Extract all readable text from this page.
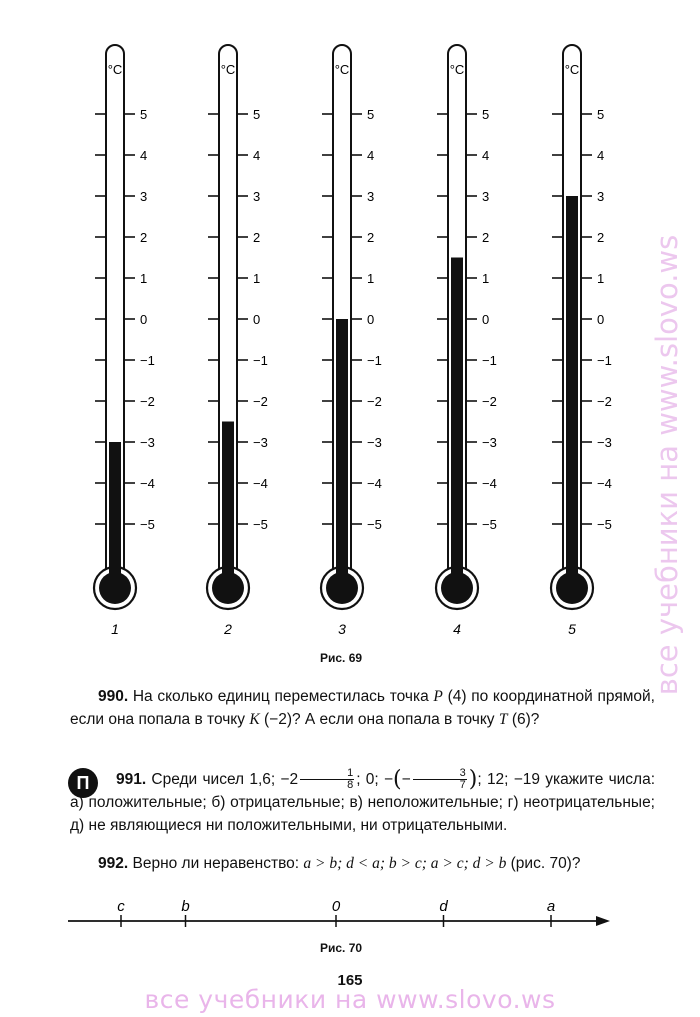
°C
5
4
3
2
1
0
−1
−2
−3
−4
−5
1
°C
5
4
3
2
1
0
−1
−2
−3
−4
−5
2
°C
5
4
3
2
1
0
−1
−2
−3
−4
−5
3
°C
5
4
3
2
1
0
−1
−2
−3
−4
−5
4
°C
5
4
3
2
1
0
−1
−2
−3
−4
−5
5
Рис. 69
990. На сколько единиц переместилась точка P (4) по координатной прямой, если она попала в точку K (−2)? А если она попала в точку T (6)?
П	991. Среди чисел 1,6; $-2 \frac{1}{8}$ ; 0; −(− $\frac{3}{7}$ ); 12; −19 укажите числа: а) положительные; б) отрицательные; в) неположительные; г) неотрицательные; д) не являющиеся ни положительными, ни отрицательными.
992. Верно ли неравенство: a > b; d < a; b > c; a > c; d > b (рис. 70)?
c	b	0	d	a
Рис. 70
165
все учебники на www.slovo.ws
все учебники на www.slovo.ws
